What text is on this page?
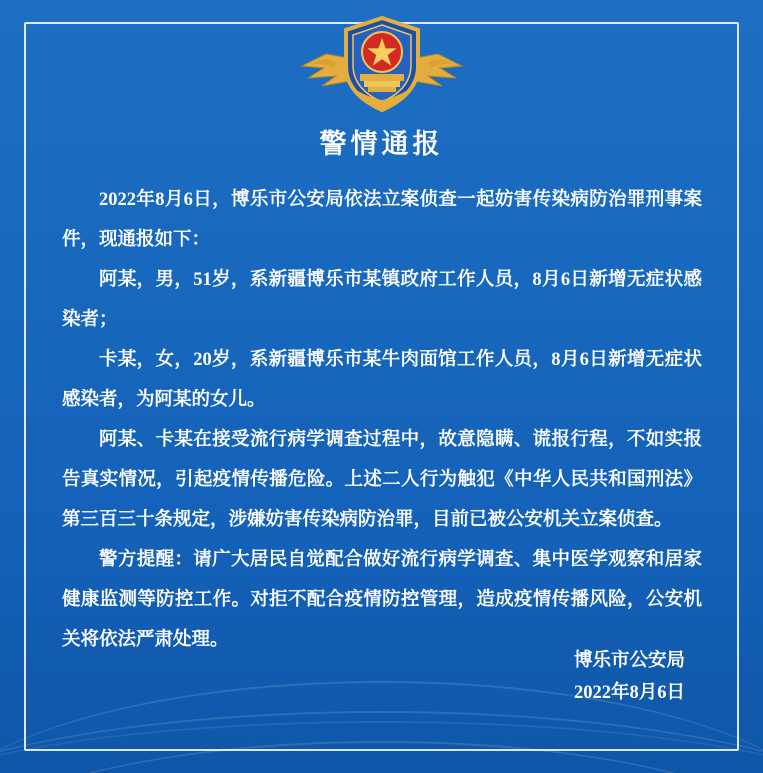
警情通报

2022年8月6日，博乐市公安局依法立案侦查一起妨害传染病防治罪刑事案件，现通报如下：

阿某，男，51岁，系新疆博乐市某镇政府工作人员，8月6日新增无症状感染者；

卡某，女，20岁，系新疆博乐市某牛肉面馆工作人员，8月6日新增无症状感染者，为阿某的女儿。

阿某、卡某在接受流行病学调查过程中，故意隐瞒、谎报行程，不如实报告真实情况，引起疫情传播危险。上述二人行为触犯《中华人民共和国刑法》第三百三十条规定，涉嫌妨害传染病防治罪，目前已被公安机关立案侦查。

警方提醒：请广大居民自觉配合做好流行病学调查、集中医学观察和居家健康监测等防控工作。对拒不配合疫情防控管理，造成疫情传播风险，公安机关将依法严肃处理。

博乐市公安局
2022年8月6日
